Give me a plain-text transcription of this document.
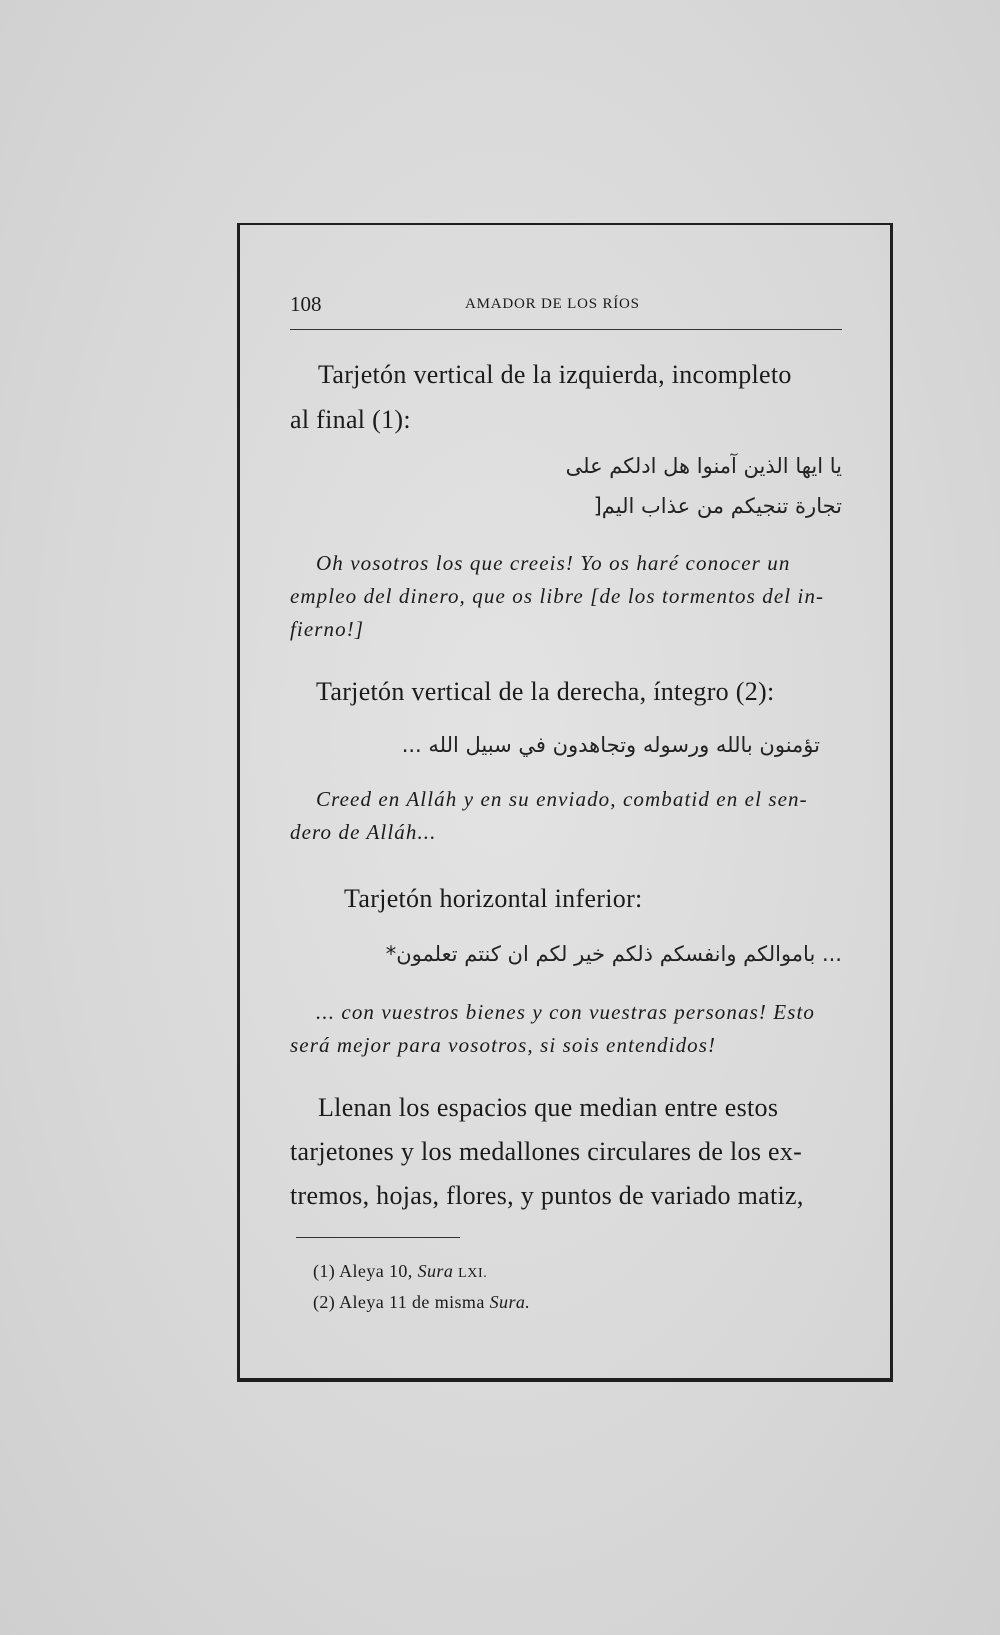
108	AMADOR DE LOS RÍOS
Tarjetón vertical de la izquierda, incompleto
al final (1):
يا ايها الذين آمنوا هل ادلكم على
تجارة تنجيكم من عذاب اليم[
Oh vosotros los que creeis! Yo os haré conocer un
empleo del dinero, que os libre [de los tormentos del in-
fierno!]
Tarjetón vertical de la derecha, íntegro (2):
تؤمنون بالله ورسوله وتجاهدون في سبيل الله ...
Creed en Alláh y en su enviado, combatid en el sen-
dero de Alláh...
Tarjetón horizontal inferior:
... باموالكم وانفسكم ذلكم خير لكم ان كنتم تعلمون*
... con vuestros bienes y con vuestras personas! Esto
será mejor para vosotros, si sois entendidos!
Llenan los espacios que median entre estos
tarjetones y los medallones circulares de los ex-
tremos, hojas, flores, y puntos de variado matiz,
(1) Aleya 10, Sura LXI.
(2) Aleya 11 de misma Sura.
